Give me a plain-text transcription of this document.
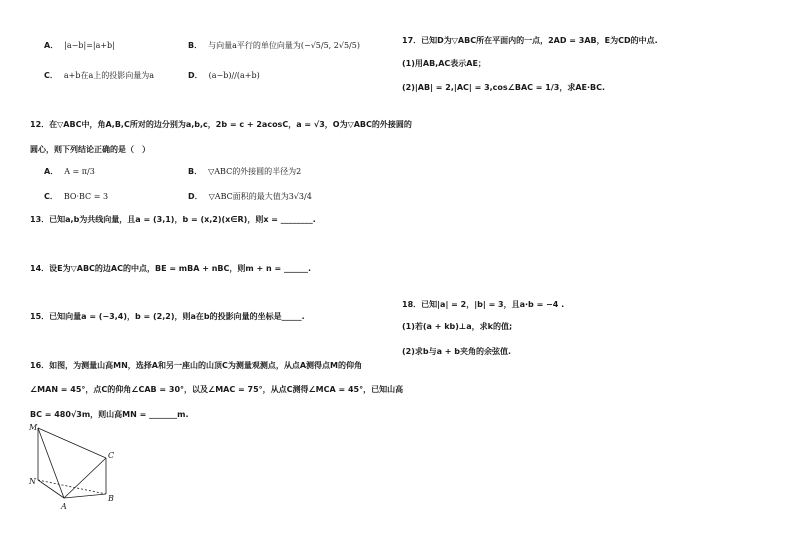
A． |a−b|=|a+b|	B． 与向量a平行的单位向量为(−√5/5, 2√5/5)
C． a+b在a上的投影向量为a	D． (a−b)//(a+b)
12．在▽ABC中，角A,B,C所对的边分别为a,b,c，2b = c + 2acosC，a = √3，O为▽ABC的外接圆的
圆心，则下列结论正确的是（　）
A． A = π/3	B． ▽ABC的外接圆的半径为2
C． BO·BC = 3	D． ▽ABC面积的最大值为3√3/4
13．已知a,b为共线向量，且a = (3,1)，b = (x,2)(x∈R)，则x = ________.
14．设E为▽ABC的边AC的中点，BE = mBA + nBC，则m + n = ______.
15．已知向量a = (−3,4)，b = (2,2)，则a在b的投影向量的坐标是_____.
16．如图，为测量山高MN，选择A和另一座山的山顶C为测量观测点，从点A测得点M的仰角
∠MAN = 45°，点C的仰角∠CAB = 30°，以及∠MAC = 75°，从点C测得∠MCA = 45°，已知山高
BC = 480√3m，则山高MN = _______m.
M
N
A
B
C
17．已知D为▽ABC所在平面内的一点，2AD = 3AB，E为CD的中点.
(1)用AB,AC表示AE；
(2)|AB| = 2,|AC| = 3,cos∠BAC = 1/3，求AE·BC.
18．已知|a| = 2，|b| = 3，且a·b = −4 .
(1)若(a + kb)⊥a，求k的值;
(2)求b与a + b夹角的余弦值.
